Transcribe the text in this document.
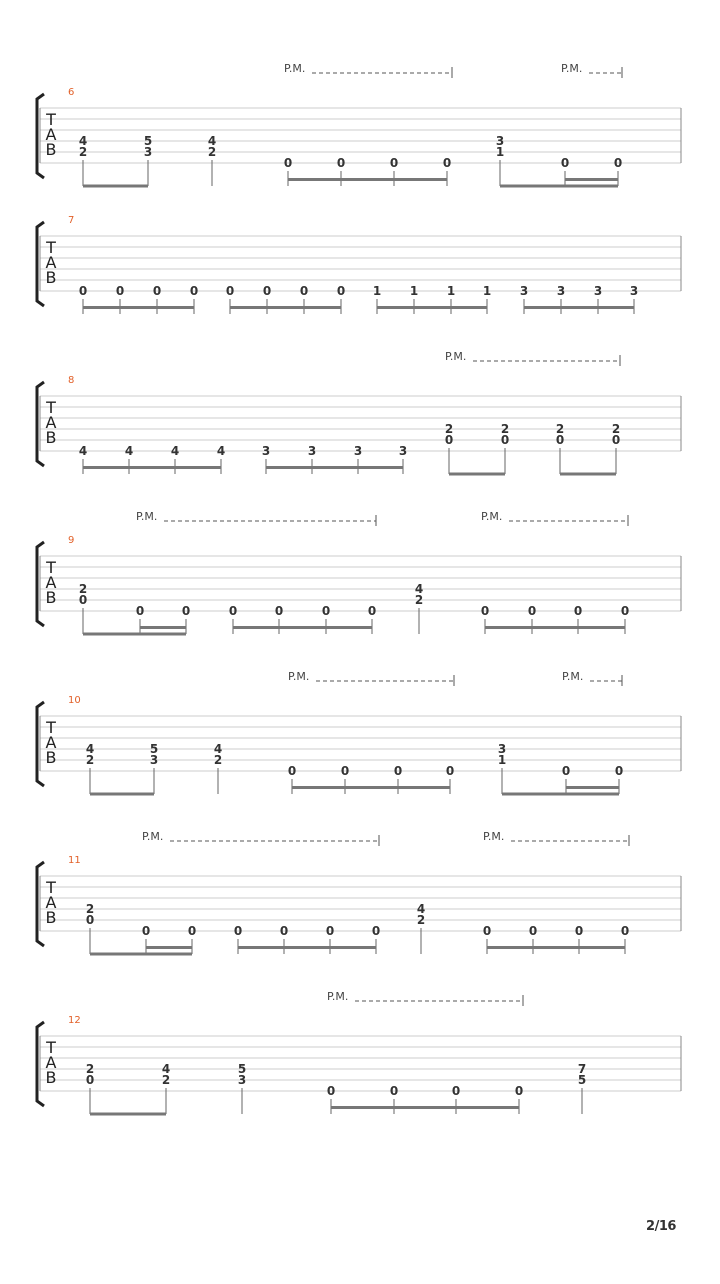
T
A
B
6
P.M.	P.M.
4
2
5
3
4
2
0	0	0	0
3
1
0	0
T
A
B
7
0 0 0 0 0 0 0 0 1 1 1 1 3 3 3 3
T
A
B
8
P.M.
4	4	4	4	3	3	3	3
2
0
2
0
2
0
2
0
T
A
B
9
P.M.	P.M.
2
0
0	0	0	0	0	0
4
2
0	0	0	0
T
A
B
10
P.M.	P.M.
4
2
5
3
4
2
0	0	0	0
3
1
0	0
T
A
B
11
P.M.	P.M.
2
0
0	0	0	0	0	0
4
2
0	0	0	0
T
A
B
12
P.M.
2
0
4
2
5
3
0	0	0	0
7
5
2/16
